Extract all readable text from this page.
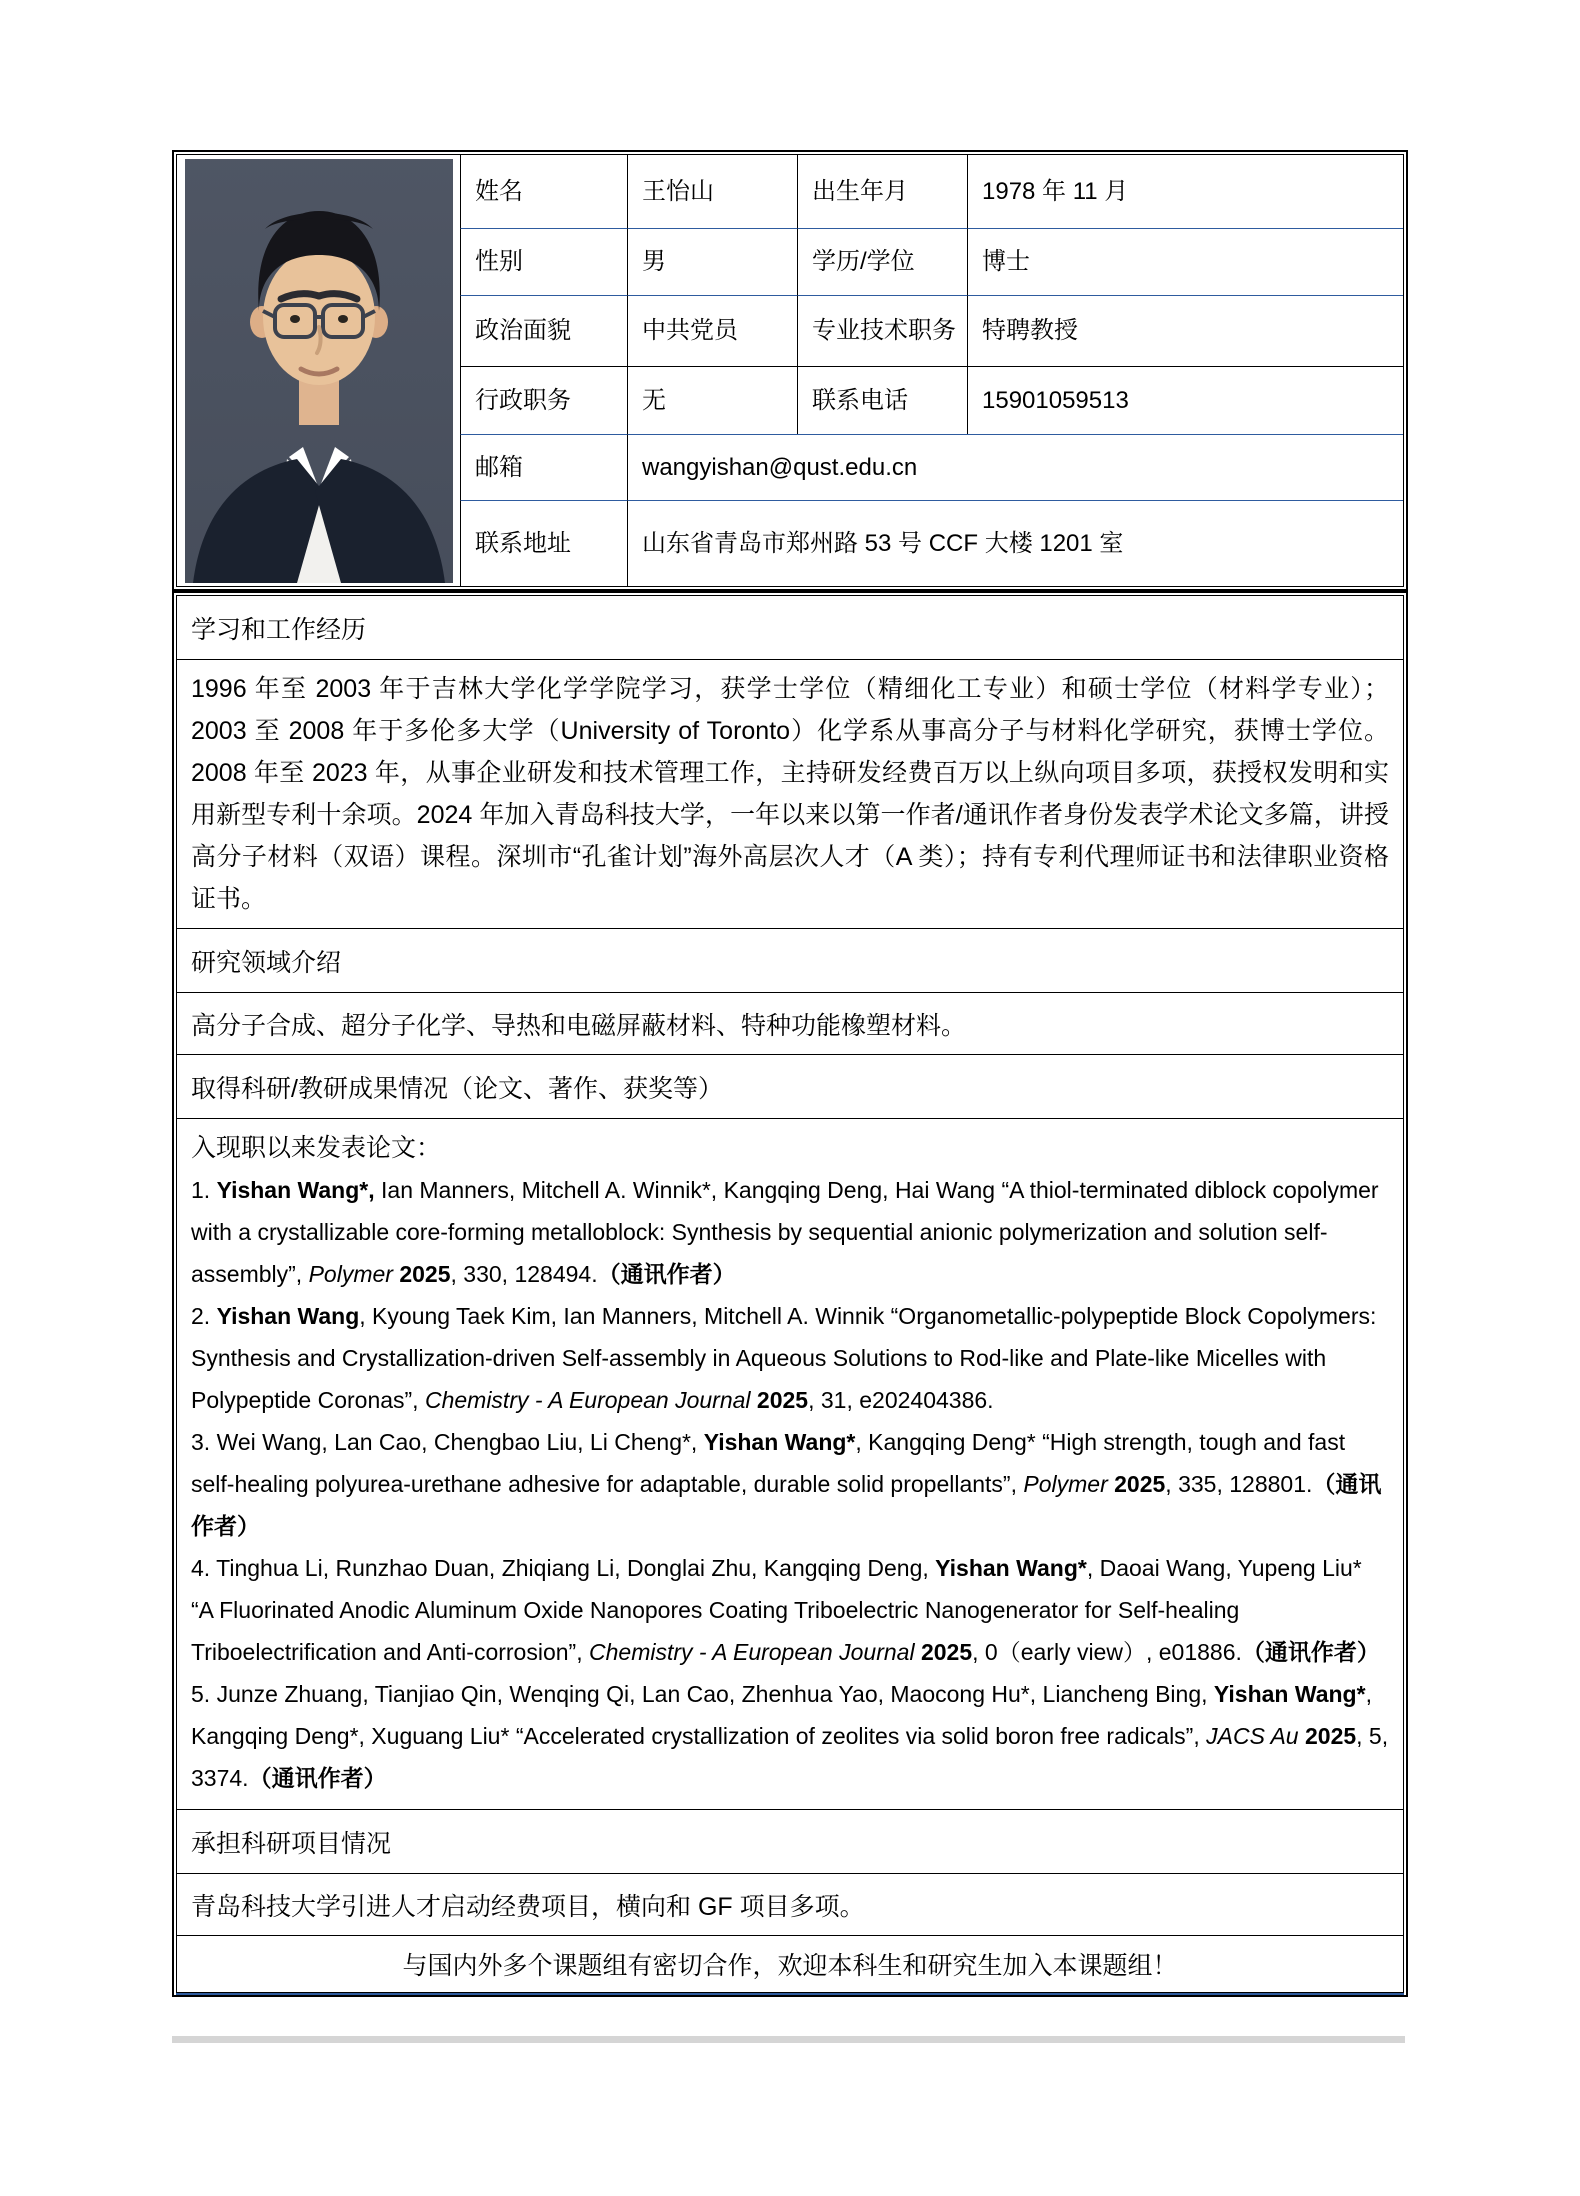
姓名	王怡山	出生年月	1978 年 11 月
性别	男	学历/学位	博士
政治面貌	中共党员	专业技术职务	特聘教授
行政职务	无	联系电话	15901059513
邮箱	wangyishan@qust.edu.cn
联系地址	山东省青岛市郑州路 53 号 CCF 大楼 1201 室
学习和工作经历
1996 年至 2003 年于吉林大学化学学院学习，获学士学位（精细化工专业）和硕士学位（材料学专业）；2003 至 2008 年于多伦多大学（University of Toronto）化学系从事高分子与材料化学研究，获博士学位。2008 年至 2023 年，从事企业研发和技术管理工作，主持研发经费百万以上纵向项目多项，获授权发明和实用新型专利十余项。2024 年加入青岛科技大学，一年以来以第一作者/通讯作者身份发表学术论文多篇，讲授高分子材料（双语）课程。深圳市“孔雀计划”海外高层次人才（A 类）；持有专利代理师证书和法律职业资格证书。
研究领域介绍
高分子合成、超分子化学、导热和电磁屏蔽材料、特种功能橡塑材料。
取得科研/教研成果情况（论文、著作、获奖等）
入现职以来发表论文：
1. Yishan Wang*, Ian Manners, Mitchell A. Winnik*, Kangqing Deng, Hai Wang “A thiol-terminated diblock copolymer with a crystallizable core-forming metalloblock: Synthesis by sequential anionic polymerization and solution self-assembly”, Polymer 2025, 330, 128494.（通讯作者）
2. Yishan Wang, Kyoung Taek Kim, Ian Manners, Mitchell A. Winnik “Organometallic-polypeptide Block Copolymers: Synthesis and Crystallization-driven Self-assembly in Aqueous Solutions to Rod-like and Plate-like Micelles with Polypeptide Coronas”, Chemistry - A European Journal 2025, 31, e202404386.
3. Wei Wang, Lan Cao, Chengbao Liu, Li Cheng*, Yishan Wang*, Kangqing Deng* “High strength, tough and fast self-healing polyurea-urethane adhesive for adaptable, durable solid propellants”, Polymer 2025, 335, 128801.（通讯作者）
4. Tinghua Li, Runzhao Duan, Zhiqiang Li, Donglai Zhu, Kangqing Deng, Yishan Wang*, Daoai Wang, Yupeng Liu* “A Fluorinated Anodic Aluminum Oxide Nanopores Coating Triboelectric Nanogenerator for Self-healing Triboelectrification and Anti-corrosion”, Chemistry - A European Journal 2025, 0（early view）, e01886.（通讯作者）
5. Junze Zhuang, Tianjiao Qin, Wenqing Qi, Lan Cao, Zhenhua Yao, Maocong Hu*, Liancheng Bing, Yishan Wang*, Kangqing Deng*, Xuguang Liu* “Accelerated crystallization of zeolites via solid boron free radicals”, JACS Au 2025, 5, 3374.（通讯作者）
承担科研项目情况
青岛科技大学引进人才启动经费项目，横向和 GF 项目多项。
与国内外多个课题组有密切合作，欢迎本科生和研究生加入本课题组！
